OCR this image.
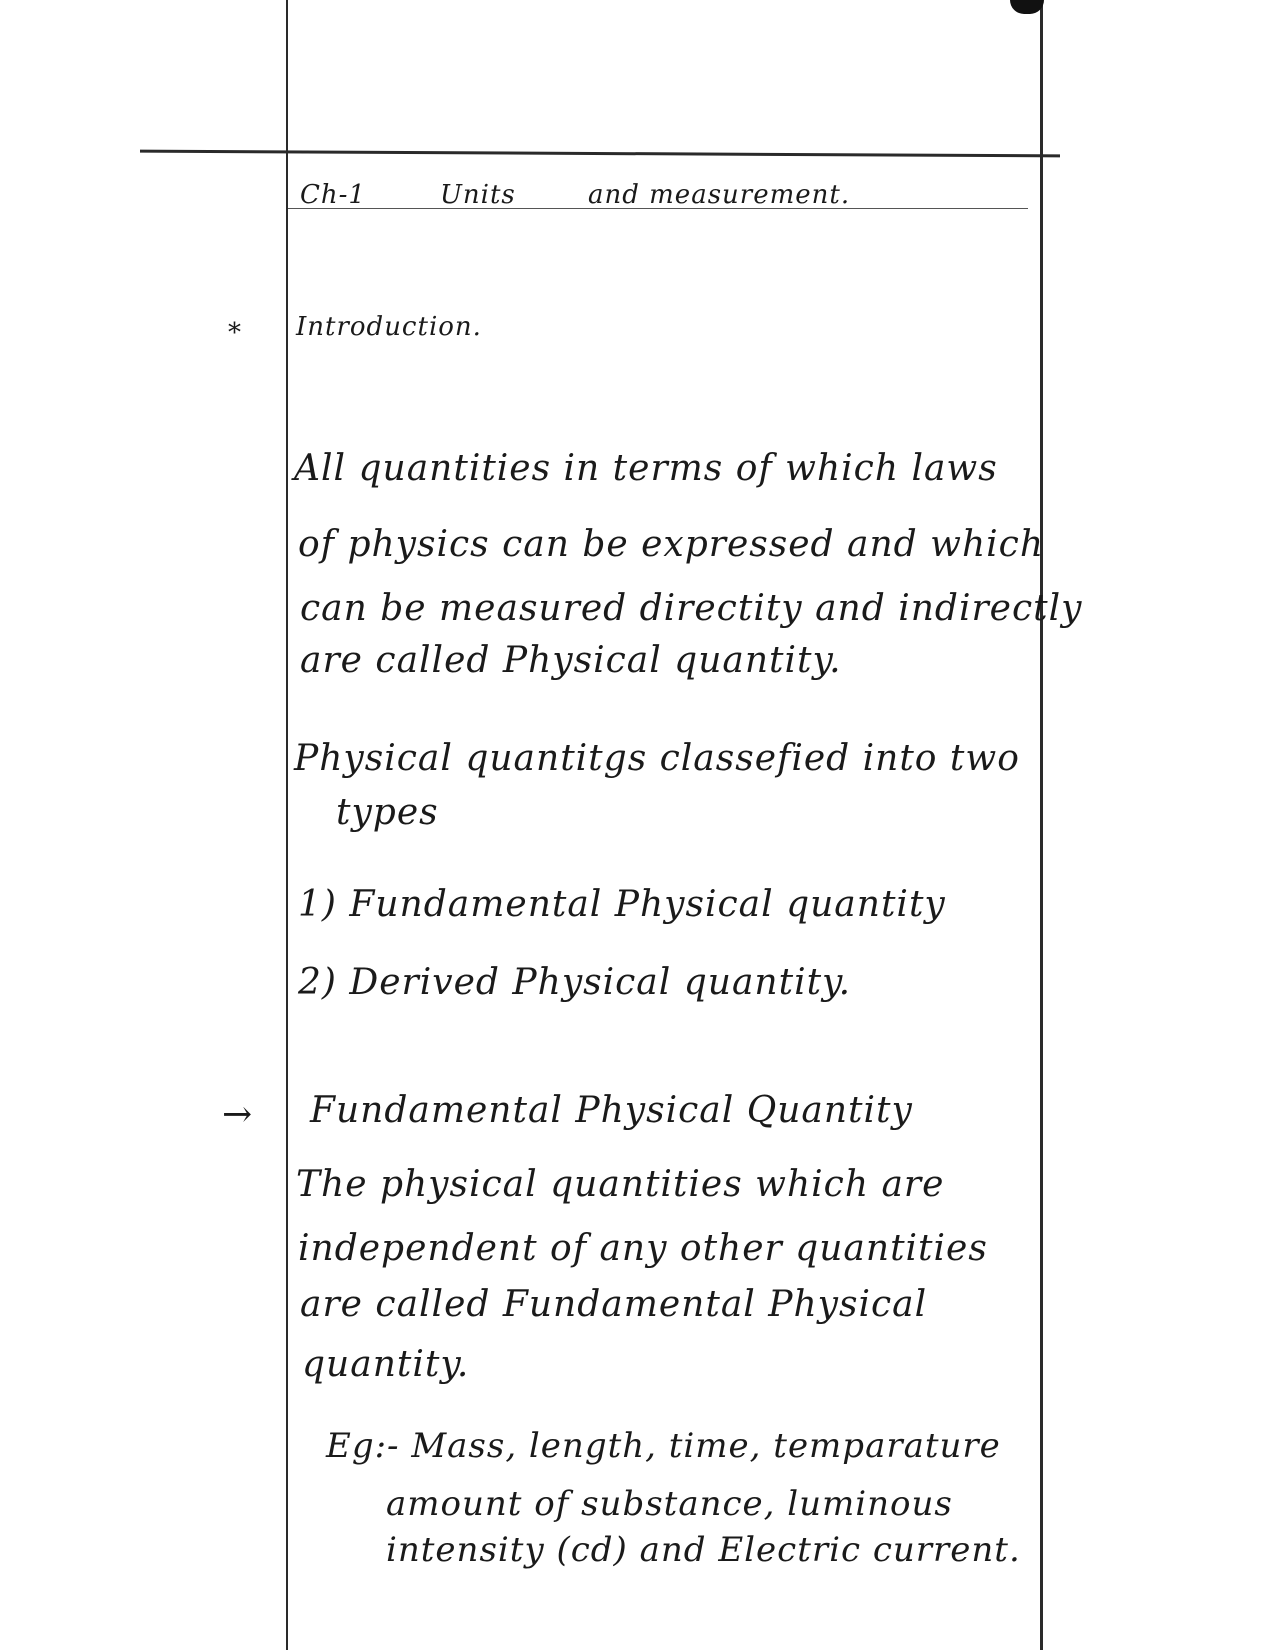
Ch-1	Units	and measurement.
* Introduction.
All quantities in terms of which laws
of physics can be expressed and which
can be measured directity and indirectly
are called Physical quantity.
Physical quantitgs classefied into two
types
1) Fundamental Physical quantity
2) Derived Physical quantity.
→ Fundamental Physical Quantity
The physical quantities which are
independent of any other quantities
are called Fundamental Physical
quantity.
Eg:- Mass, length, time, temparature
amount of substance, luminous
intensity (cd) and Electric current.
